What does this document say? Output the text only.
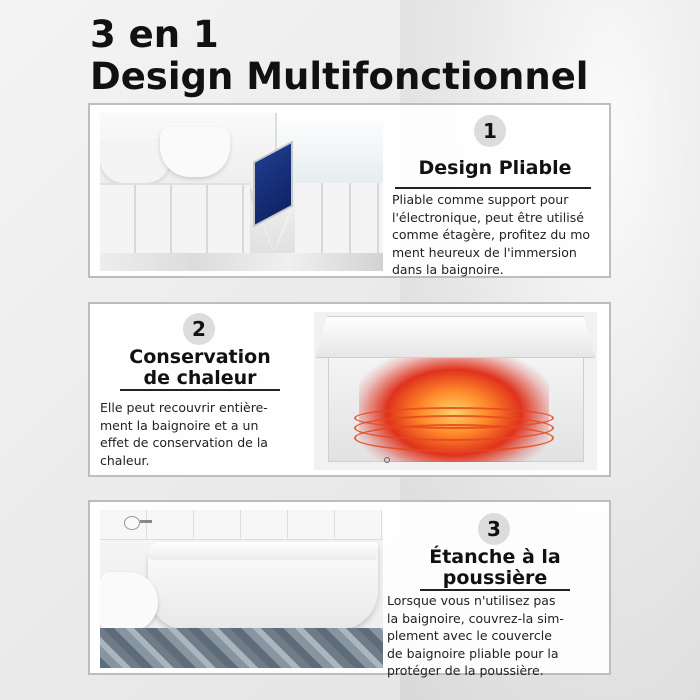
3 en 1
Design Multifonctionnel
1
Design Pliable
Pliable comme support pour
l'électronique, peut être utilisé
comme étagère, profitez du mo
ment heureux de l'immersion
dans la baignoire.
2
Conservation
de chaleur
Elle peut recouvrir entière-
ment la baignoire et a un
effet de conservation de la
chaleur.
3
Étanche à la
poussière
Lorsque vous n'utilisez pas
la baignoire, couvrez-la sim-
plement avec le couvercle
de baignoire pliable pour la
protéger de la poussière.
